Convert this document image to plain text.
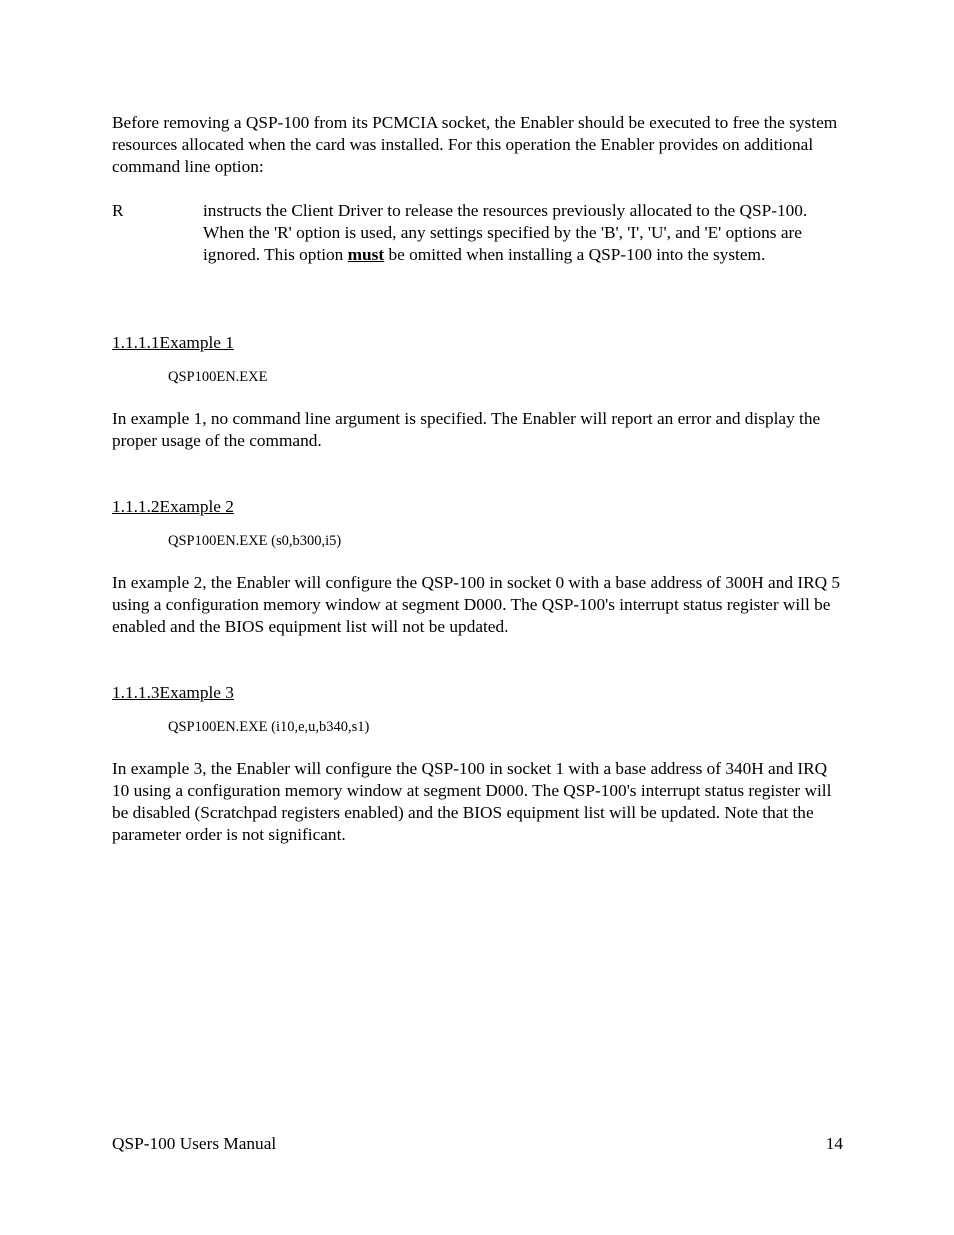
Before removing a QSP-100 from its PCMCIA socket, the Enabler should be executed to free the system resources allocated when the card was installed. For this operation the Enabler provides on additional command line option:

R	instructs the Client Driver to release the resources previously allocated to the QSP-100. When the 'R' option is used, any settings specified by the 'B', 'I', 'U', and 'E' options are ignored. This option must be omitted when installing a QSP-100 into the system.

1.1.1.1Example 1

QSP100EN.EXE

In example 1, no command line argument is specified. The Enabler will report an error and display the proper usage of the command.

1.1.1.2Example 2

QSP100EN.EXE (s0,b300,i5)

In example 2, the Enabler will configure the QSP-100 in socket 0 with a base address of 300H and IRQ 5 using a configuration memory window at segment D000. The QSP-100's interrupt status register will be enabled and the BIOS equipment list will not be updated.

1.1.1.3Example 3

QSP100EN.EXE (i10,e,u,b340,s1)

In example 3, the Enabler will configure the QSP-100 in socket 1 with a base address of 340H and IRQ 10 using a configuration memory window at segment D000. The QSP-100's interrupt status register will be disabled (Scratchpad registers enabled) and the BIOS equipment list will be updated. Note that the parameter order is not significant.

QSP-100 Users Manual	14
